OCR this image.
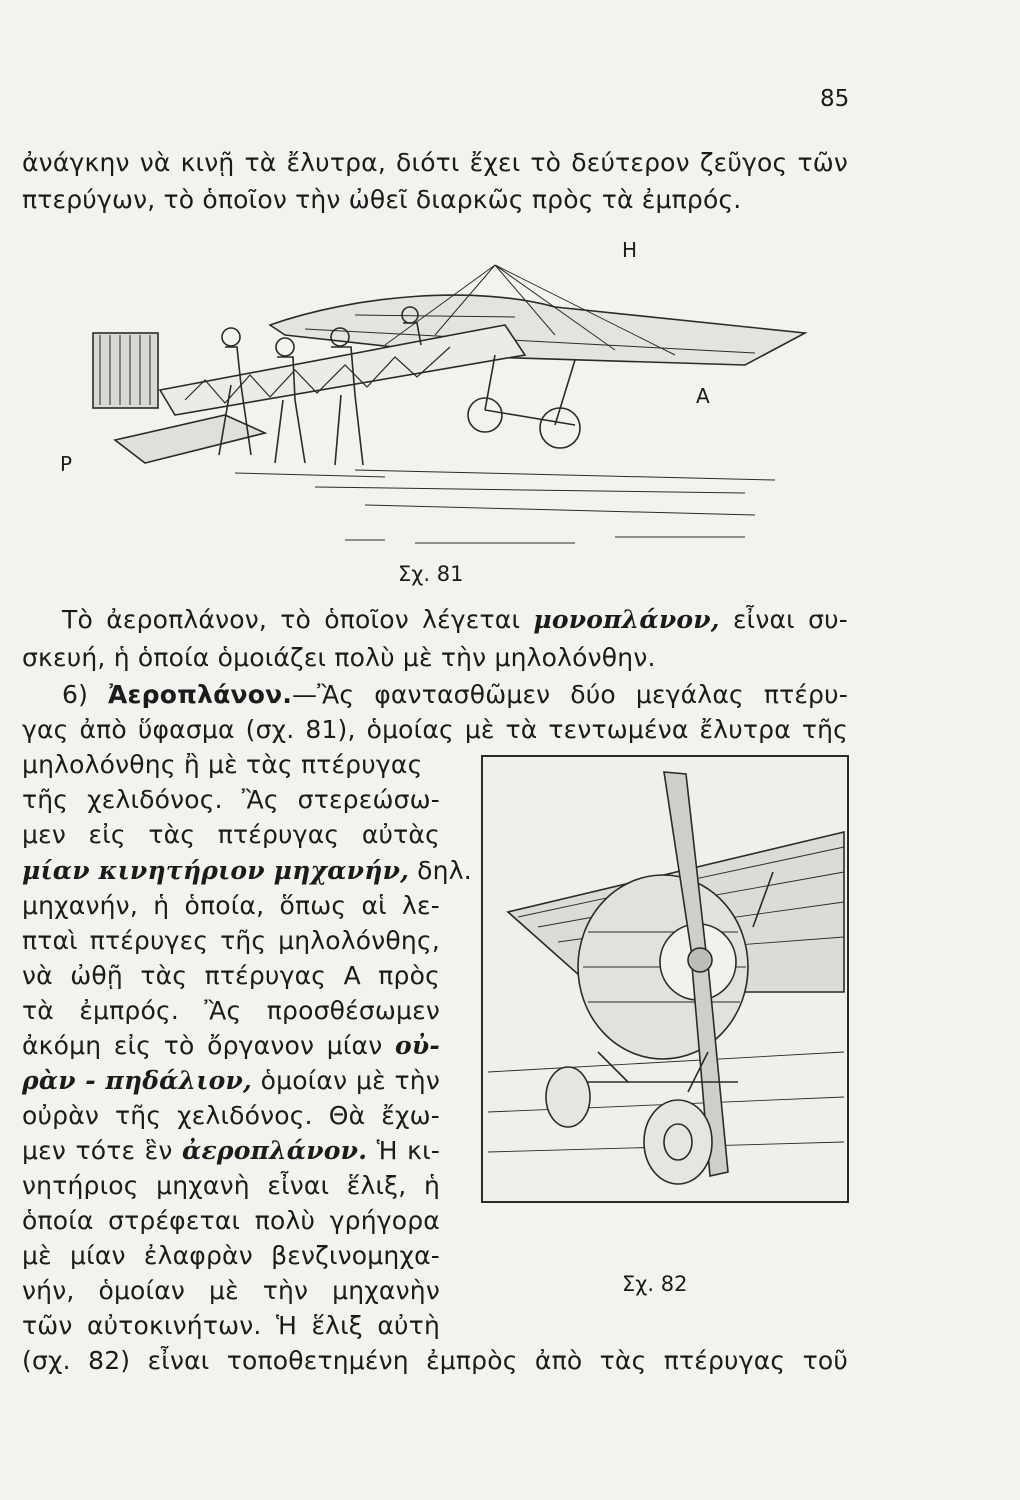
85
ἀνάγκην νὰ κινῇ τὰ ἔλυτρα, διότι ἔχει τὸ δεύτερον ζεῦγος τῶν
πτερύγων, τὸ ὁποῖον τὴν ὠθεῖ διαρκῶς πρὸς τὰ ἐμπρός.
Η
Α
Ρ
Σχ. 81
Τὸ ἀεροπλάνον, τὸ ὁποῖον λέγεται μονοπλάνον, εἶναι συ-
σκευή, ἡ ὁποία ὁμοιάζει πολὺ μὲ τὴν μηλολόνθην.
6) Ἀεροπλάνον.—Ἂς φαντασθῶμεν δύο μεγάλας πτέρυ-
γας ἀπὸ ὕφασμα (σχ. 81), ὁμοίας μὲ τὰ τεντωμένα ἔλυτρα τῆς
μηλολόνθης ἢ μὲ τὰς πτέρυγας
τῆς χελιδόνος. Ἂς στερεώσω-
μεν εἰς τὰς πτέρυγας αὐτὰς
μίαν κινητήριον μηχανήν, δηλ.
μηχανήν, ἡ ὁποία, ὅπως αἱ λε-
πταὶ πτέρυγες τῆς μηλολόνθης,
νὰ ὠθῇ τὰς πτέρυγας Α πρὸς
τὰ ἐμπρός. Ἂς προσθέσωμεν
ἀκόμη εἰς τὸ ὄργανον μίαν οὐ-
ρὰν - πηδάλιον, ὁμοίαν μὲ τὴν
οὐρὰν τῆς χελιδόνος. Θὰ ἔχω-
μεν τότε ἓν ἀεροπλάνον. Ἡ κι-
νητήριος μηχανὴ εἶναι ἕλιξ, ἡ
ὁποία στρέφεται πολὺ γρήγορα
μὲ μίαν ἐλαφρὰν βενζινομηχα-
νήν, ὁμοίαν μὲ τὴν μηχανὴν
τῶν αὐτοκινήτων. Ἡ ἕλιξ αὐτὴ
(σχ. 82) εἶναι τοποθετημένη ἐμπρὸς ἀπὸ τὰς πτέρυγας τοῦ
Σχ. 82
